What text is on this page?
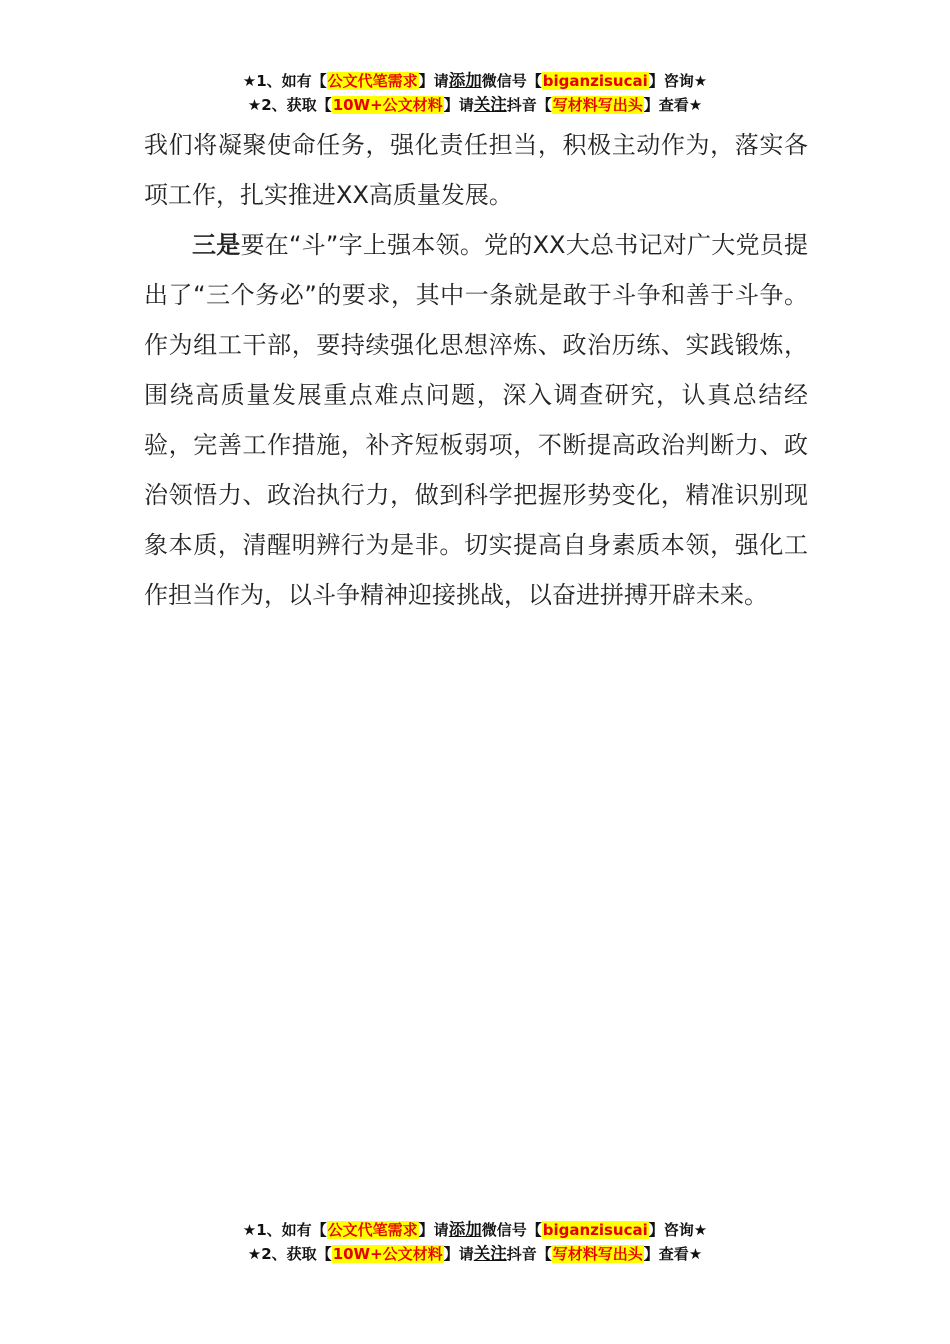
★1、如有【公文代笔需求】请添加微信号【biganzisucai】咨询★
★2、获取【10W+公文材料】请关注抖音【写材料写出头】查看★

我们将凝聚使命任务，强化责任担当，积极主动作为，落实各项工作，扎实推进XX高质量发展。

三是要在“斗”字上强本领。党的XX大总书记对广大党员提出了“三个务必”的要求，其中一条就是敢于斗争和善于斗争。作为组工干部，要持续强化思想淬炼、政治历练、实践锻炼，围绕高质量发展重点难点问题，深入调查研究，认真总结经验，完善工作措施，补齐短板弱项，不断提高政治判断力、政治领悟力、政治执行力，做到科学把握形势变化，精准识别现象本质，清醒明辨行为是非。切实提高自身素质本领，强化工作担当作为，以斗争精神迎接挑战，以奋进拼搏开辟未来。

★1、如有【公文代笔需求】请添加微信号【biganzisucai】咨询★
★2、获取【10W+公文材料】请关注抖音【写材料写出头】查看★
